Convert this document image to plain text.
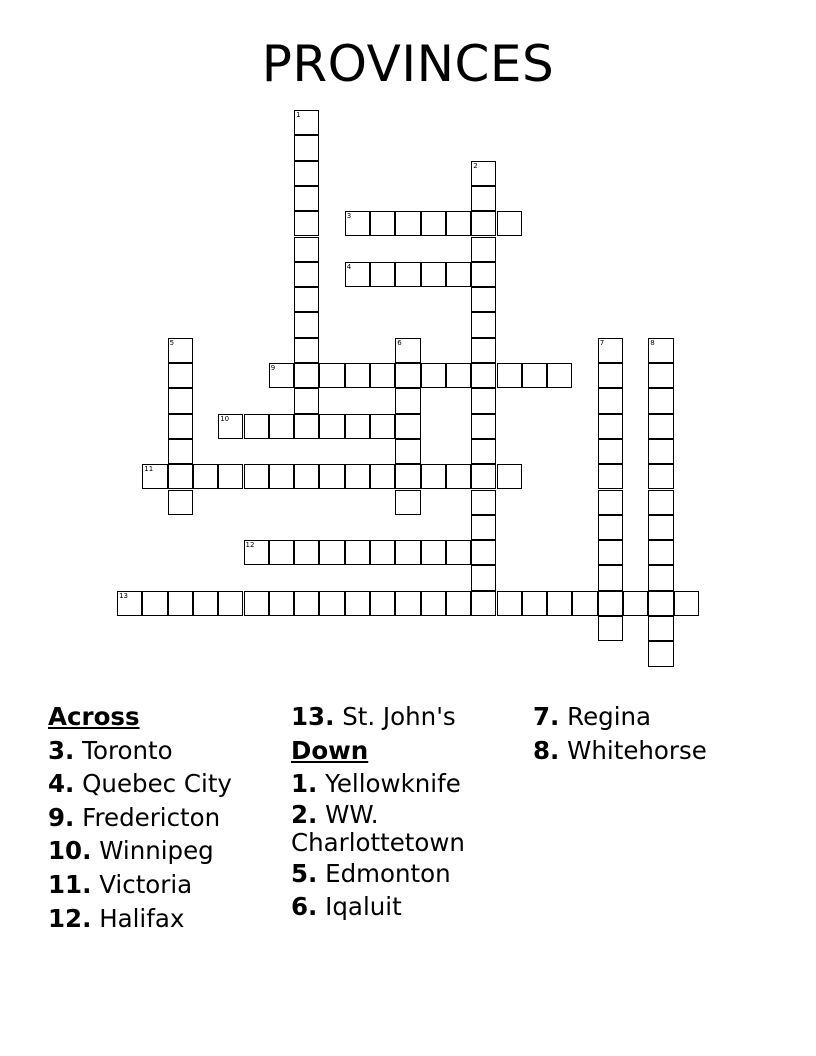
PROVINCES
1
2
3
4
5	6	7	8
9
10
11
12
13
Across
3. Toronto
4. Quebec City
9. Fredericton
10. Winnipeg
11. Victoria
12. Halifax
13. St. John's
Down
1. Yellowknife
2. WW. Charlottetown
5. Edmonton
6. Iqaluit
7. Regina
8. Whitehorse
